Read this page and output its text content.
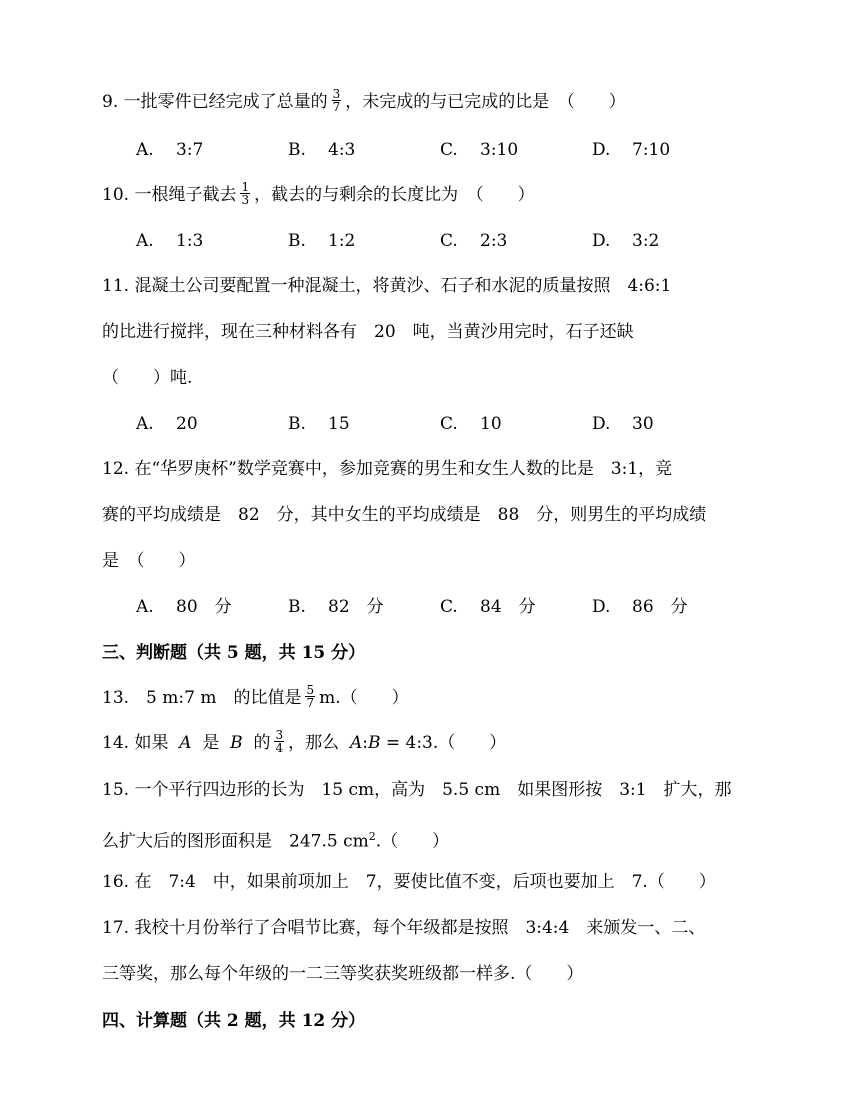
9. 一批零件已经完成了总量的 $\frac{3}{7}$ ，未完成的与已完成的比是　（　　）
A. 3:7	B. 4:3	C. 3:10	D. 7:10
10. 一根绳子截去 $\frac{1}{3}$ ，截去的与剩余的长度比为　（　　）
A. 1:3	B. 1:2	C. 2:3	D. 3:2
11. 混凝土公司要配置一种混凝土，将黄沙、石子和水泥的质量按照　4:6:1
的比进行搅拌，现在三种材料各有　20　吨，当黄沙用完时，石子还缺
（　　）吨.
A. 20	B. 15	C. 10	D. 30
12. 在“华罗庚杯”数学竞赛中，参加竞赛的男生和女生人数的比是　3:1，竞
赛的平均成绩是　82　分，其中女生的平均成绩是　88　分，则男生的平均成绩
是　（　　）
A. 80　分	B. 82　分	C. 84　分	D. 86　分
三、判断题（共 5 题，共 15 分）
13.　5 m:7 m　的比值是 $\frac{5}{7} m$.（　　）
14. 如果 A 是 B 的 $\frac{3}{4}$ ，那么 A:B = 4:3.（　　）
15. 一个平行四边形的长为　15 cm，高为　5.5 cm　如果图形按　3:1　扩大，那
么扩大后的图形面积是　247.5 $cm^2$.（　　）
16. 在　7:4　中，如果前项加上　7，要使比值不变，后项也要加上　7.（　　）
17. 我校十月份举行了合唱节比赛，每个年级都是按照　3:4:4　来颁发一、二、
三等奖，那么每个年级的一二三等奖获奖班级都一样多.（　　）
四、计算题（共 2 题，共 12 分）
